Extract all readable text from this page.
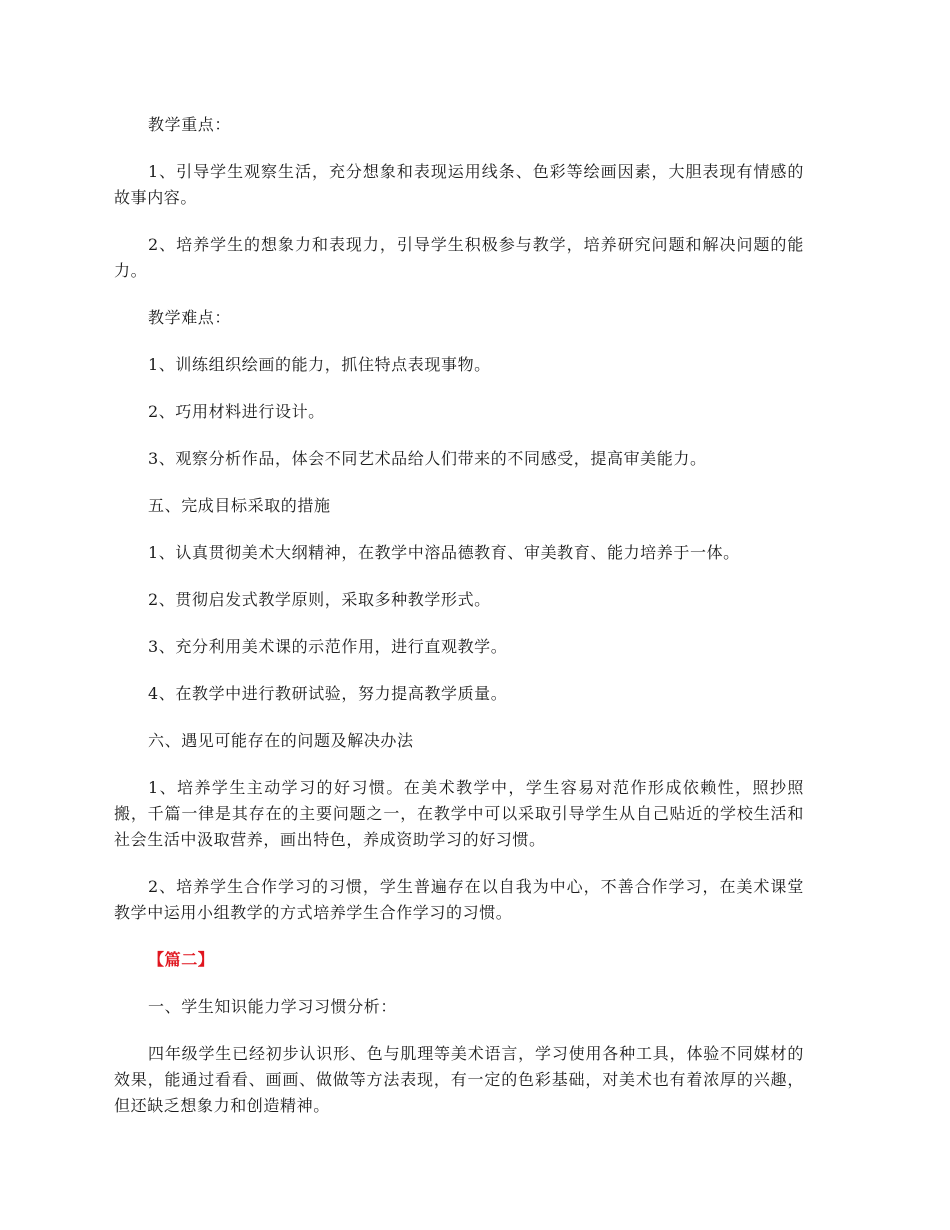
教学重点：

1、引导学生观察生活，充分想象和表现运用线条、色彩等绘画因素，大胆表现有情感的故事内容。

2、培养学生的想象力和表现力，引导学生积极参与教学，培养研究问题和解决问题的能力。

教学难点：

1、训练组织绘画的能力，抓住特点表现事物。

2、巧用材料进行设计。

3、观察分析作品，体会不同艺术品给人们带来的不同感受，提高审美能力。

五、完成目标采取的措施

1、认真贯彻美术大纲精神，在教学中溶品德教育、审美教育、能力培养于一体。

2、贯彻启发式教学原则，采取多种教学形式。

3、充分利用美术课的示范作用，进行直观教学。

4、在教学中进行教研试验，努力提高教学质量。

六、遇见可能存在的问题及解决办法

1、培养学生主动学习的好习惯。在美术教学中，学生容易对范作形成依赖性，照抄照搬，千篇一律是其存在的主要问题之一，在教学中可以采取引导学生从自己贴近的学校生活和社会生活中汲取营养，画出特色，养成资助学习的好习惯。

2、培养学生合作学习的习惯，学生普遍存在以自我为中心，不善合作学习，在美术课堂教学中运用小组教学的方式培养学生合作学习的习惯。

【篇二】

一、学生知识能力学习习惯分析：

四年级学生已经初步认识形、色与肌理等美术语言，学习使用各种工具，体验不同媒材的效果，能通过看看、画画、做做等方法表现，有一定的色彩基础，对美术也有着浓厚的兴趣，但还缺乏想象力和创造精神。
